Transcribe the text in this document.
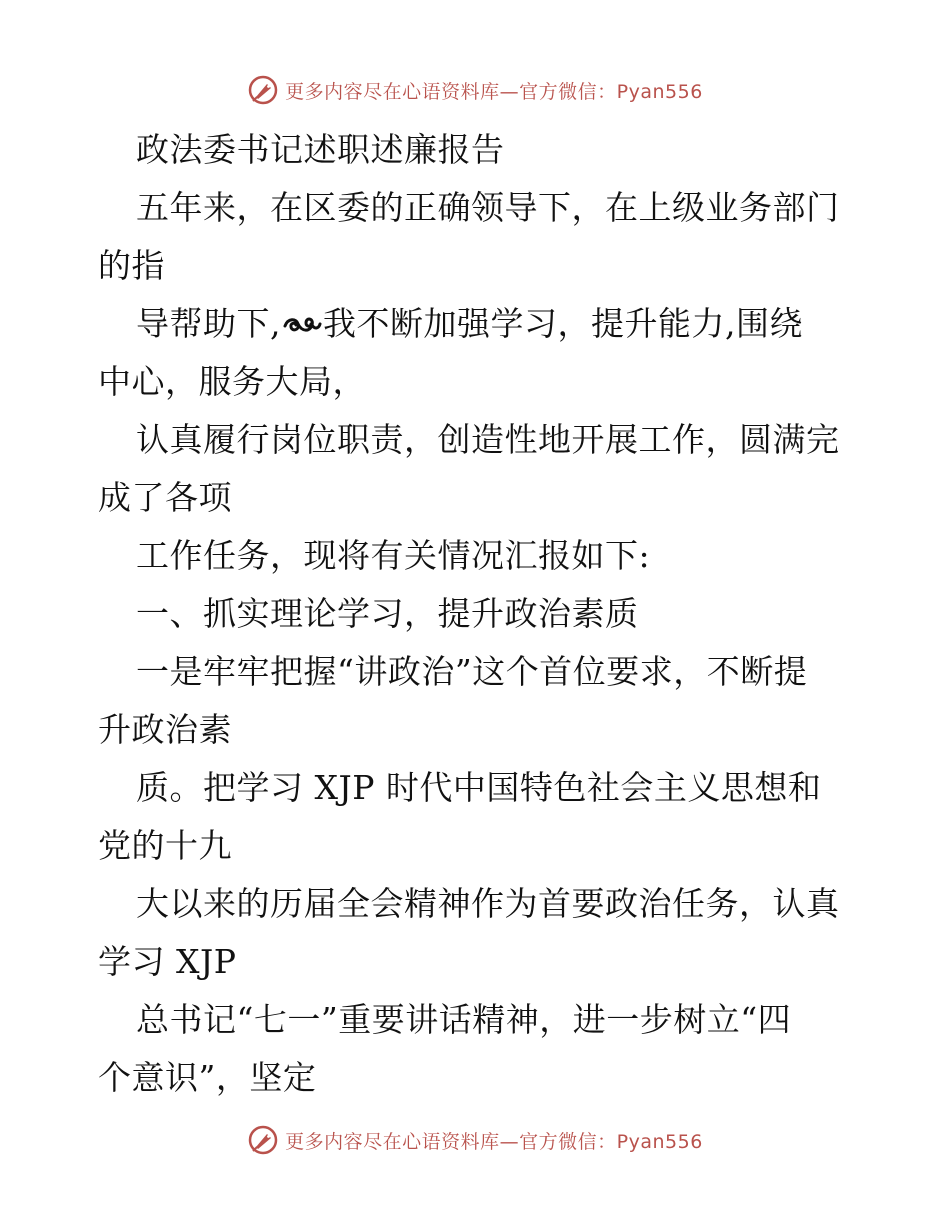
更多内容尽在心语资料库—官方微信：Pyan556
政法委书记述职述廉报告
五年来，在区委的正确领导下，在上级业务部门
的指
导帮助下, 我不断加强学习，提升能力,围绕
中心，服务大局，
认真履行岗位职责，创造性地开展工作，圆满完
成了各项
工作任务，现将有关情况汇报如下:
一、抓实理论学习，提升政治素质
一是牢牢把握“讲政治”这个首位要求，不断提
升政治素
质。把学习 XJP 时代中国特色社会主义思想和
党的十九
大以来的历届全会精神作为首要政治任务，认真
学习 XJP
总书记“七一”重要讲话精神，进一步树立“四
个意识”，坚定
更多内容尽在心语资料库—官方微信：Pyan556
